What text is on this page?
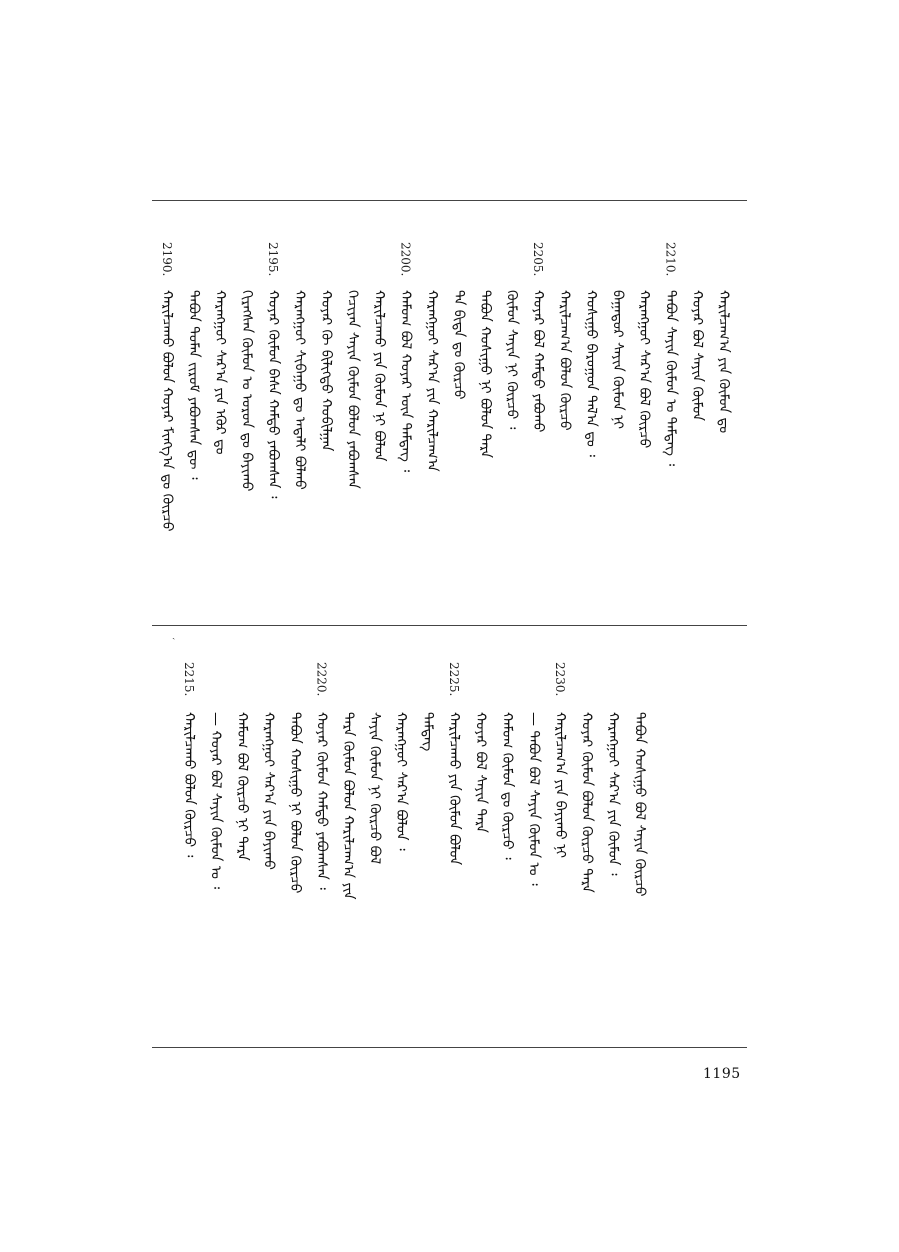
ˎ
2190.
ᠬᠠᠷᠢᠯᠴᠠᠬᠤ ᠪᠣᠯᠤᠨ ᠬᠣᠶᠠᠷ ᠮᠢᠩᠭ᠎ᠠ ᠳᠤ ᠬᠦᠷᠴᠦ ᠲᠠᠪᠤᠨ ᠲᠤᠮᠡᠨ ᠵᠢᠷᠤᠮ ᠶᠠᠪᠤᠭᠰᠠᠨ ᠳᠦ ᠄ ᠬᠠᠷᠠᠩᠭᠤᠢ ᠰᠠᠷ᠎ᠠ ᠶᠢᠨ ᠡᠭᠦᠷ ᠳᠤ ᠬᠢᠷᠡᠭᠰᠡᠨ ᠬᠦᠮᠦᠨ ᠤ ᠣᠷᠤᠨ ᠳᠤ ᠪᠠᠶᠢᠬᠤ
2195.
ᠬᠣᠶᠠᠷ ᠬᠦᠮᠦᠨ ᠪᠠᠰᠠ ᠬᠠᠮᠲᠤ ᠶᠠᠪᠤᠭᠰᠠᠨ ᠄ ᠬᠠᠷᠠᠩᠭᠤᠢ ᠰᠢᠪᠠᠭᠤ ᠳᠤ ᠠᠳᠠᠯᠢ ᠪᠣᠯᠬᠤ ᠬᠣᠶᠠᠷ ᠬᠦ ᠪᠢᠯᠢᠭᠲᠦ ᠬᠤᠪᠢᠯᠭᠠᠨ ᠬᠡᠴᠢᠶᠡᠨ ᠰᠠᠶᠢᠨ ᠬᠦᠮᠦᠨ ᠪᠣᠯᠤᠨ ᠶᠠᠪᠤᠭᠰᠠᠨ ᠬᠠᠷᠢᠯᠴᠠᠬᠤ ᠶᠢᠨ ᠬᠦᠮᠦᠨ ᠨᠢ ᠪᠣᠯᠤᠨ
2200.
ᠬᠠᠮᠤᠭ ᠪᠤᠯ ᠬᠣᠶᠠᠷ ᠦᠨ ᠲᠡᠮᠳᠡᠭ ᠄ ᠬᠠᠷᠠᠩᠭᠤᠢ ᠰᠠᠷ᠎ᠠ ᠶᠢᠨ ᠬᠠᠷᠢᠯᠴᠠᠭ᠎ᠠ ᠲᠡ ᠪᠢᠳᠡ ᠳᠤ ᠬᠦᠷᠴᠦ ᠲᠠᠪᠤᠨ ᠬᠣᠰᠢᠭᠤ ᠨᠢ ᠪᠣᠯᠤᠨ ᠲᠡᠷᠡ ᠬᠦᠮᠦᠨ ᠰᠠᠶᠢᠨ ᠨᠢ ᠬᠦᠷᠴᠦ ᠄
2205.
ᠬᠣᠶᠠᠷ ᠪᠤᠯ ᠬᠠᠮᠲᠤ ᠶᠠᠪᠤᠬᠤ ᠬᠠᠷᠢᠯᠴᠠᠭ᠎ᠠ ᠪᠣᠯᠤᠨ ᠬᠦᠷᠴᠦ ᠬᠣᠰᠢᠭᠤ ᠪᠠᠷᠤᠭᠤᠨ ᠲᠠᠯ᠎ᠠ ᠳᠤ ᠄ ᠪᠠᠭᠠᠳᠤᠷ ᠰᠠᠶᠢᠨ ᠬᠦᠮᠦᠨ ᠨᠢ ᠬᠠᠷᠠᠩᠭᠤᠢ ᠰᠠᠷ᠎ᠠ ᠪᠤᠯ ᠬᠦᠷᠴᠦ
2210.
ᠲᠠᠪᠤᠨ ᠰᠠᠶᠢᠨ ᠬᠦᠮᠦᠨ ᠤ ᠲᠡᠮᠳᠡᠭ ᠄ ᠬᠣᠶᠠᠷ ᠪᠤᠯ ᠰᠠᠶᠢᠨ ᠬᠦᠮᠦᠨ ᠬᠠᠷᠢᠯᠴᠠᠭ᠎ᠠ ᠶᠢᠨ ᠬᠦᠮᠦᠨ ᠳᠤ
2215.
ᠬᠠᠷᠢᠯᠴᠠᠬᠤ ᠪᠣᠯᠤᠨ ᠬᠦᠷᠴᠦ ᠄ — ᠬᠣᠶᠠᠷ ᠪᠤᠯ ᠰᠠᠶᠢᠨ ᠬᠦᠮᠦᠨ ᠤ ᠄ ᠬᠠᠮᠤᠭ ᠪᠤᠯ ᠬᠦᠷᠴᠦ ᠨᠢ ᠲᠡᠷᠡ ᠬᠠᠷᠠᠩᠭᠤᠢ ᠰᠠᠷ᠎ᠠ ᠶᠢᠨ ᠪᠠᠶᠢᠬᠤ ᠲᠠᠪᠤᠨ ᠬᠣᠰᠢᠭᠤ ᠨᠢ ᠪᠣᠯᠤᠨ ᠬᠦᠷᠴᠦ
2220.
ᠬᠣᠶᠠᠷ ᠬᠦᠮᠦᠨ ᠬᠠᠮᠲᠤ ᠶᠠᠪᠤᠭᠰᠠᠨ ᠄ ᠲᠡᠷᠡ ᠬᠦᠮᠦᠨ ᠪᠣᠯᠤᠨ ᠬᠠᠷᠢᠯᠴᠠᠭ᠎ᠠ ᠶᠢᠨ ᠰᠠᠶᠢᠨ ᠬᠦᠮᠦᠨ ᠨᠢ ᠬᠦᠷᠴᠦ ᠪᠤᠯ ᠬᠠᠷᠠᠩᠭᠤᠢ ᠰᠠᠷ᠎ᠠ ᠪᠣᠯᠤᠨ ᠄ ᠲᠡᠮᠳᠡᠭ
2225.
ᠬᠠᠷᠢᠯᠴᠠᠬᠤ ᠶᠢᠨ ᠬᠦᠮᠦᠨ ᠪᠣᠯᠤᠨ ᠬᠣᠶᠠᠷ ᠪᠤᠯ ᠰᠠᠶᠢᠨ ᠲᠡᠷᠡ ᠬᠠᠮᠤᠭ ᠬᠦᠮᠦᠨ ᠳᠤ ᠬᠦᠷᠴᠦ ᠄ — ᠲᠠᠪᠤᠨ ᠪᠤᠯ ᠰᠠᠶᠢᠨ ᠬᠦᠮᠦᠨ ᠤ ᠄
2230.
ᠬᠠᠷᠢᠯᠴᠠᠭ᠎ᠠ ᠶᠢᠨ ᠪᠠᠶᠢᠬᠤ ᠨᠢ ᠬᠣᠶᠠᠷ ᠬᠦᠮᠦᠨ ᠪᠣᠯᠤᠨ ᠬᠦᠷᠴᠦ ᠲᠡᠷᠡ ᠬᠠᠷᠠᠩᠭᠤᠢ ᠰᠠᠷ᠎ᠠ ᠶᠢᠨ ᠬᠦᠮᠦᠨ ᠄ ᠲᠠᠪᠤᠨ ᠬᠣᠰᠢᠭᠤ ᠪᠤᠯ ᠰᠠᠶᠢᠨ ᠬᠦᠷᠴᠦ
1195
